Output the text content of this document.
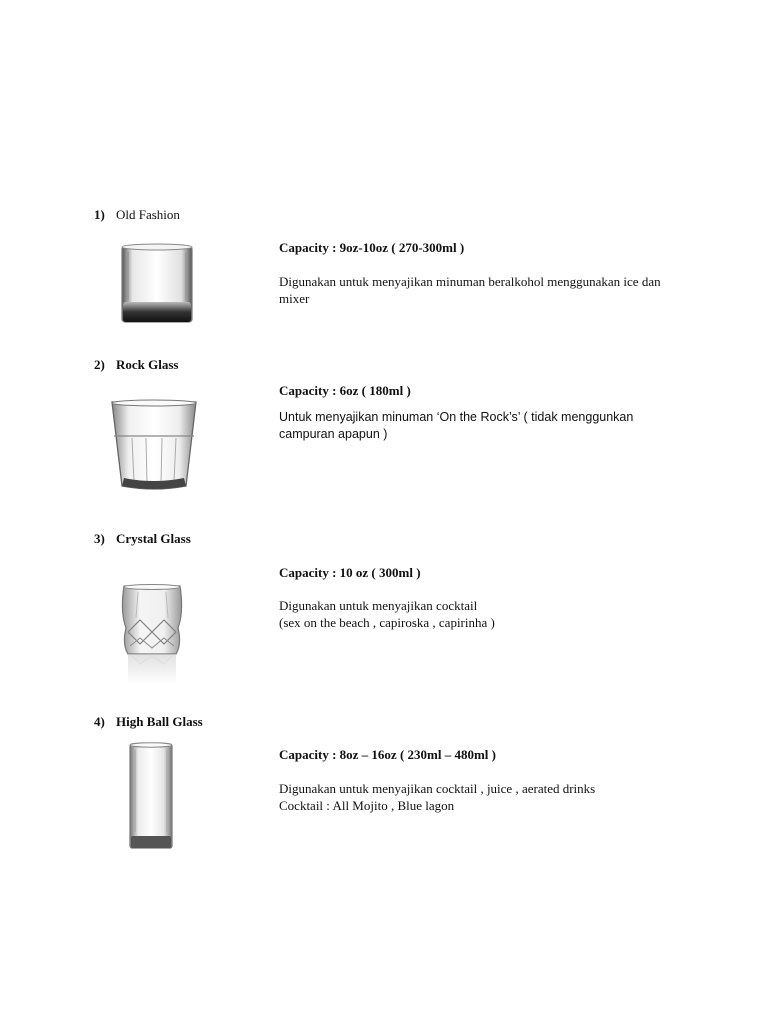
1) Old Fashion
Capacity : 9oz-10oz ( 270-300ml )
Digunakan untuk menyajikan minuman beralkohol menggunakan ice dan mixer
2) Rock Glass
Capacity : 6oz ( 180ml )
Untuk menyajikan minuman ‘On the Rock’s’ ( tidak menggunkan campuran apapun )
3) Crystal Glass
Capacity : 10 oz ( 300ml )
Digunakan untuk menyajikan cocktail
(sex on the beach , capiroska , capirinha )
4) High Ball Glass
Capacity : 8oz – 16oz ( 230ml – 480ml )
Digunakan untuk menyajikan cocktail , juice , aerated drinks
Cocktail : All Mojito , Blue lagon
